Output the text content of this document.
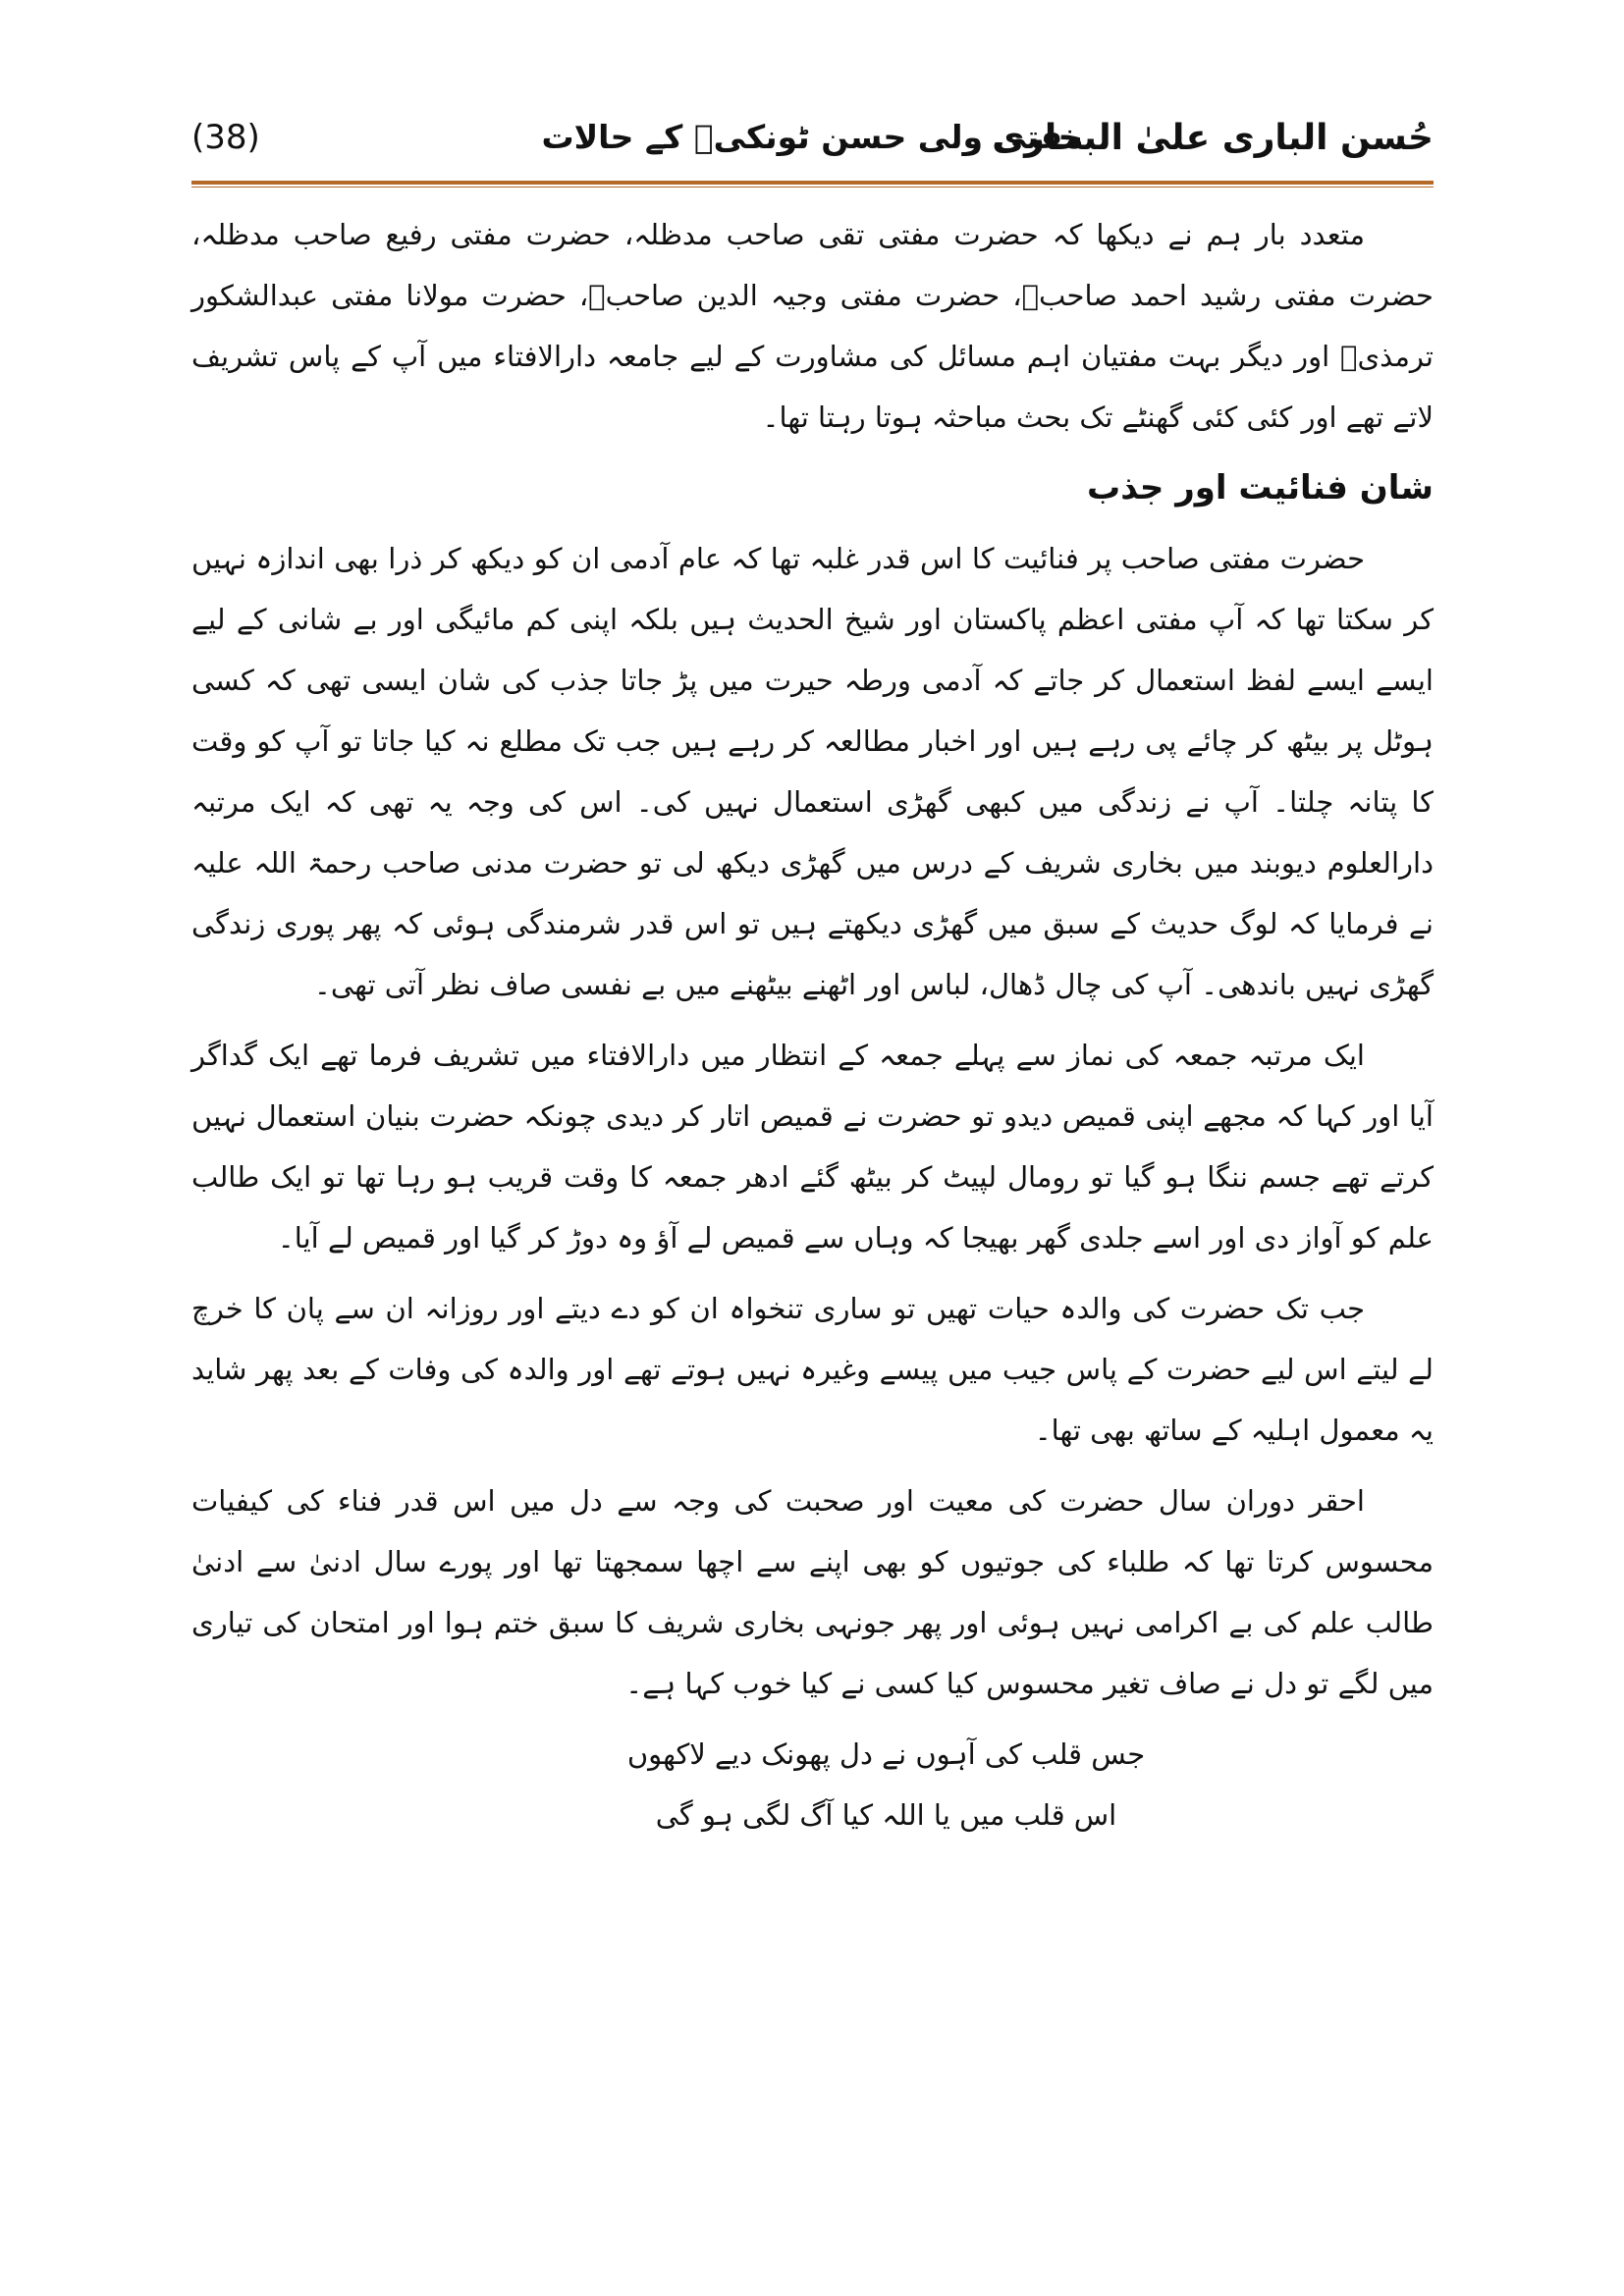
حُسن الباری علیٰ البخاری
مفتی ولی حسن ٹونکیؒ کے حالات
(38)

متعدد بار ہم نے دیکھا کہ حضرت مفتی تقی صاحب مدظلہ، حضرت مفتی رفیع صاحب مدظلہ، حضرت مفتی رشید احمد صاحبؒ، حضرت مفتی وجیہ الدین صاحبؒ، حضرت مولانا مفتی عبدالشکور ترمذیؒ اور دیگر بہت مفتیان اہم مسائل کی مشاورت کے لیے جامعہ دارالافتاء میں آپ کے پاس تشریف لاتے تھے اور کئی کئی گھنٹے تک بحث مباحثہ ہوتا رہتا تھا۔

شان فنائیت اور جذب

حضرت مفتی صاحب پر فنائیت کا اس قدر غلبہ تھا کہ عام آدمی ان کو دیکھ کر ذرا بھی اندازہ نہیں کر سکتا تھا کہ آپ مفتی اعظم پاکستان اور شیخ الحدیث ہیں بلکہ اپنی کم مائیگی اور بے شانی کے لیے ایسے ایسے لفظ استعمال کر جاتے کہ آدمی ورطہ حیرت میں پڑ جاتا جذب کی شان ایسی تھی کہ کسی ہوٹل پر بیٹھ کر چائے پی رہے ہیں اور اخبار مطالعہ کر رہے ہیں جب تک مطلع نہ کیا جاتا تو آپ کو وقت کا پتانہ چلتا۔ آپ نے زندگی میں کبھی گھڑی استعمال نہیں کی۔ اس کی وجہ یہ تھی کہ ایک مرتبہ دارالعلوم دیوبند میں بخاری شریف کے درس میں گھڑی دیکھ لی تو حضرت مدنی صاحب رحمۃ اللہ علیہ نے فرمایا کہ لوگ حدیث کے سبق میں گھڑی دیکھتے ہیں تو اس قدر شرمندگی ہوئی کہ پھر پوری زندگی گھڑی نہیں باندھی۔ آپ کی چال ڈھال، لباس اور اٹھنے بیٹھنے میں بے نفسی صاف نظر آتی تھی۔

ایک مرتبہ جمعہ کی نماز سے پہلے جمعہ کے انتظار میں دارالافتاء میں تشریف فرما تھے ایک گداگر آیا اور کہا کہ مجھے اپنی قمیص دیدو تو حضرت نے قمیص اتار کر دیدی چونکہ حضرت بنیان استعمال نہیں کرتے تھے جسم ننگا ہو گیا تو رومال لپیٹ کر بیٹھ گئے ادھر جمعہ کا وقت قریب ہو رہا تھا تو ایک طالب علم کو آواز دی اور اسے جلدی گھر بھیجا کہ وہاں سے قمیص لے آؤ وہ دوڑ کر گیا اور قمیص لے آیا۔

جب تک حضرت کی والدہ حیات تھیں تو ساری تنخواہ ان کو دے دیتے اور روزانہ ان سے پان کا خرچ لے لیتے اس لیے حضرت کے پاس جیب میں پیسے وغیرہ نہیں ہوتے تھے اور والدہ کی وفات کے بعد پھر شاید یہ معمول اہلیہ کے ساتھ بھی تھا۔

احقر دوران سال حضرت کی معیت اور صحبت کی وجہ سے دل میں اس قدر فناء کی کیفیات محسوس کرتا تھا کہ طلباء کی جوتیوں کو بھی اپنے سے اچھا سمجھتا تھا اور پورے سال ادنیٰ سے ادنیٰ طالب علم کی بے اکرامی نہیں ہوئی اور پھر جونہی بخاری شریف کا سبق ختم ہوا اور امتحان کی تیاری میں لگے تو دل نے صاف تغیر محسوس کیا کسی نے کیا خوب کہا ہے۔

جس قلب کی آہوں نے دل پھونک دیے لاکھوں
اس قلب میں یا اللہ کیا آگ لگی ہو گی
